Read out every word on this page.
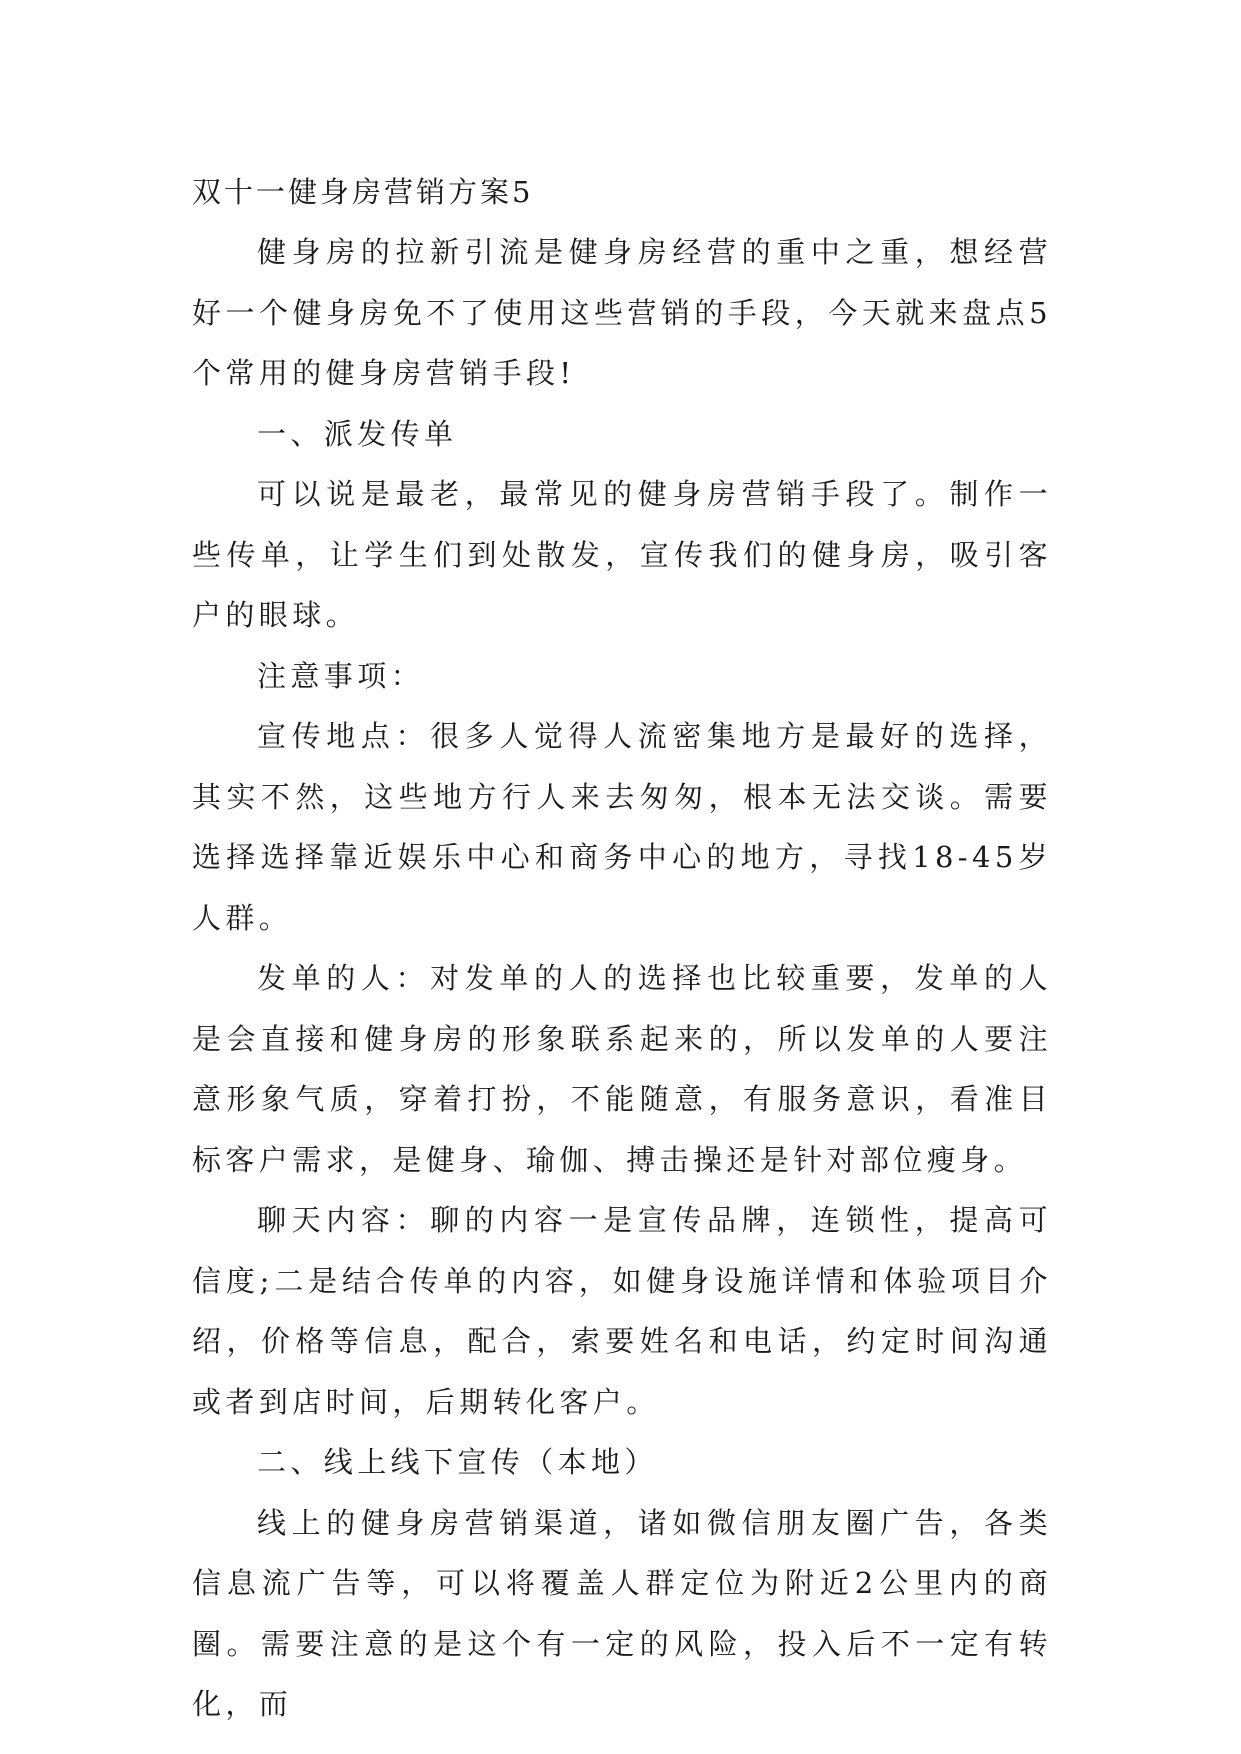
双十一健身房营销方案5

健身房的拉新引流是健身房经营的重中之重，想经营好一个健身房免不了使用这些营销的手段，今天就来盘点5个常用的健身房营销手段!

一、派发传单

可以说是最老，最常见的健身房营销手段了。制作一些传单，让学生们到处散发，宣传我们的健身房，吸引客户的眼球。

注意事项：

宣传地点：很多人觉得人流密集地方是最好的选择，其实不然，这些地方行人来去匆匆，根本无法交谈。需要选择选择靠近娱乐中心和商务中心的地方，寻找18-45岁人群。

发单的人：对发单的人的选择也比较重要，发单的人是会直接和健身房的形象联系起来的，所以发单的人要注意形象气质，穿着打扮，不能随意，有服务意识，看准目标客户需求，是健身、瑜伽、搏击操还是针对部位瘦身。

聊天内容：聊的内容一是宣传品牌，连锁性，提高可信度;二是结合传单的内容，如健身设施详情和体验项目介绍，价格等信息，配合，索要姓名和电话，约定时间沟通或者到店时间，后期转化客户。

二、线上线下宣传（本地）

线上的健身房营销渠道，诸如微信朋友圈广告，各类信息流广告等，可以将覆盖人群定位为附近2公里内的商圈。需要注意的是这个有一定的风险，投入后不一定有转化，而
